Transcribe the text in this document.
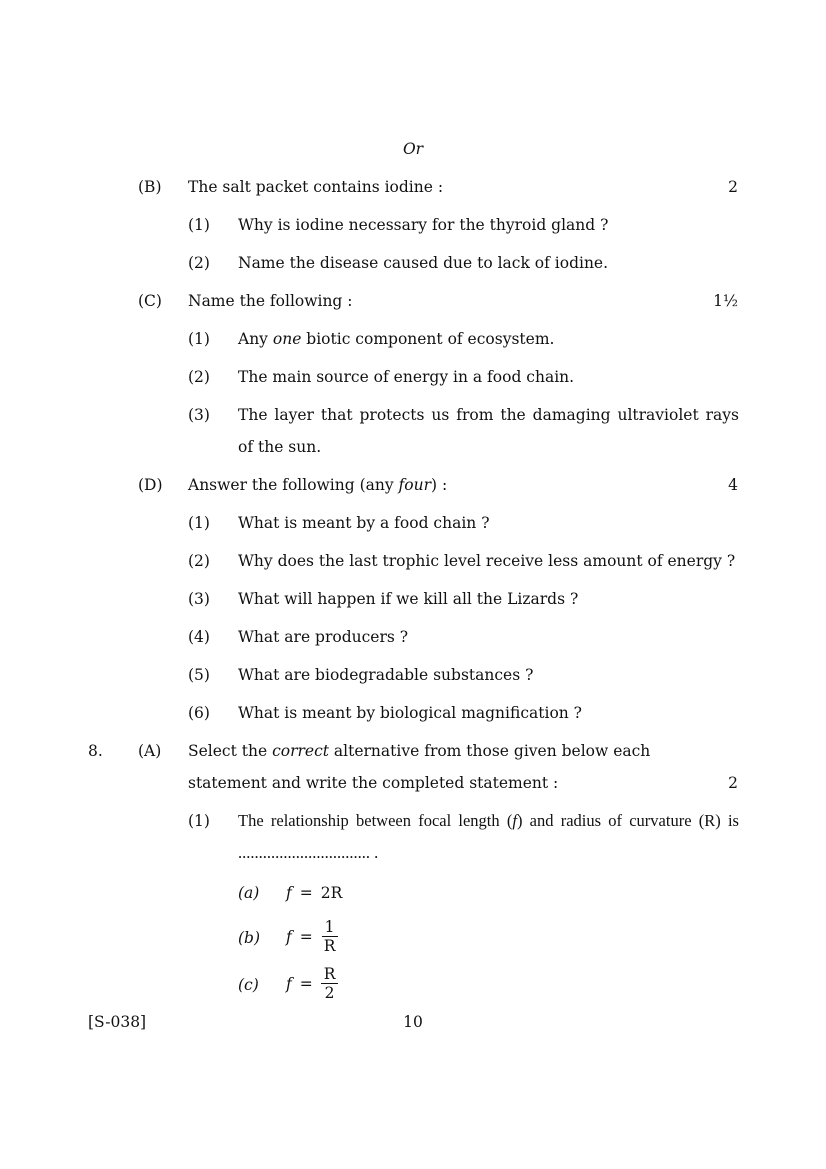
Or
(B) The salt packet contains iodine :	2
(1) Why is iodine necessary for the thyroid gland ?
(2) Name the disease caused due to lack of iodine.
(C) Name the following :	1½
(1) Any one biotic component of ecosystem.
(2) The main source of energy in a food chain.
(3) The layer that protects us from the damaging ultraviolet rays of the sun.
(D) Answer the following (any four) :	4
(1) What is meant by a food chain ?
(2) Why does the last trophic level receive less amount of energy ?
(3) What will happen if we kill all the Lizards ?
(4) What are producers ?
(5) What are biodegradable substances ?
(6) What is meant by biological magnification ?
8. (A) Select the correct alternative from those given below each statement and write the completed statement :	2
(1) The relationship between focal length (f) and radius of curvature (R) is ................................ .
(a) f = 2R
(b) $f = \frac{1}{R}$
(c) $f = \frac{R}{2}$
[S-038]	10
